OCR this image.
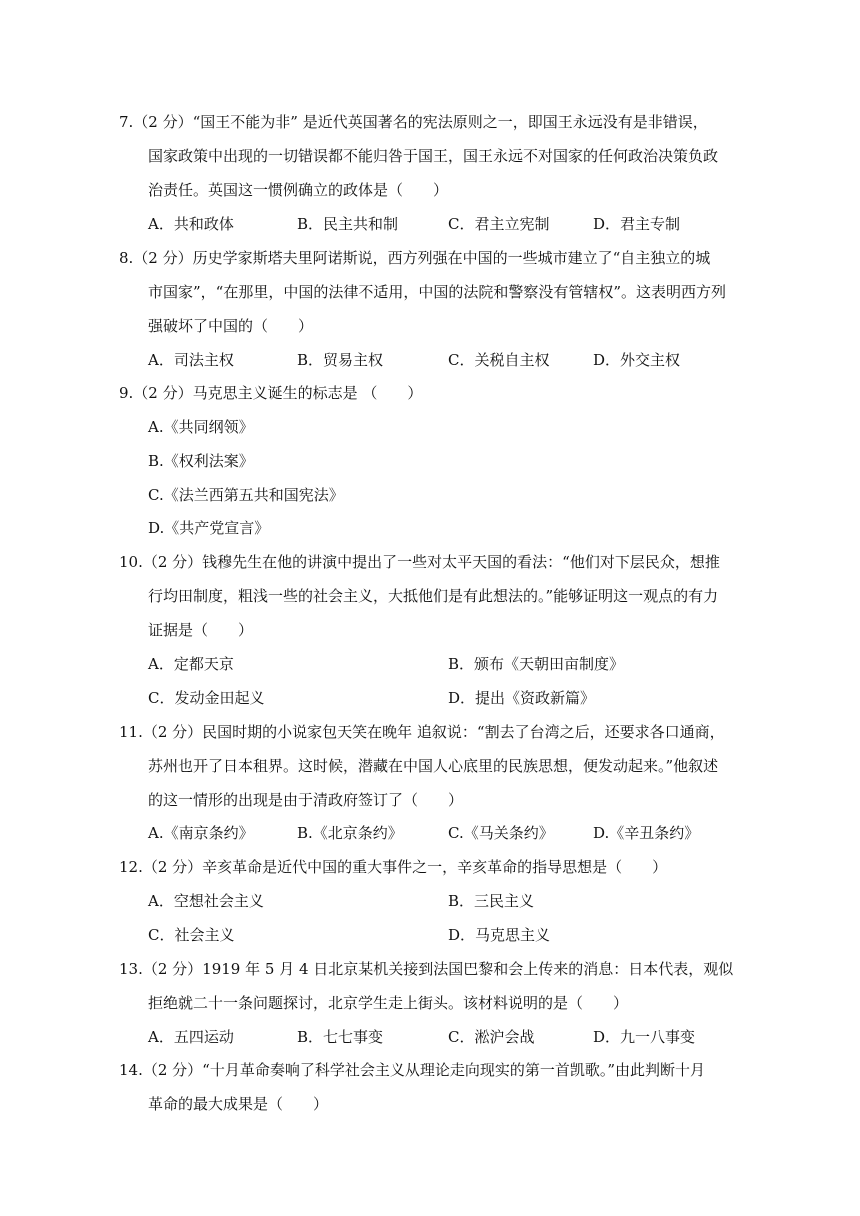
7.（2 分）“国王不能为非” 是近代英国著名的宪法原则之一，即国王永远没有是非错误，
国家政策中出现的一切错误都不能归咎于国王，国王永远不对国家的任何政治决策负政
治责任。英国这一惯例确立的政体是（　　）
A．共和政体	B．民主共和制	C．君主立宪制	D．君主专制
8.（2 分）历史学家斯塔夫里阿诺斯说，西方列强在中国的一些城市建立了“自主独立的城
市国家”，“在那里，中国的法律不适用，中国的法院和警察没有管辖权”。这表明西方列
强破坏了中国的（　　）
A．司法主权	B．贸易主权	C．关税自主权	D．外交主权
9.（2 分）马克思主义诞生的标志是 （　　）
A.《共同纲领》
B.《权利法案》
C.《法兰西第五共和国宪法》
D.《共产党宣言》
10.（2 分）钱穆先生在他的讲演中提出了一些对太平天国的看法：“他们对下层民众，想推
行均田制度，粗浅一些的社会主义，大抵他们是有此想法的。”能够证明这一观点的有力
证据是（　　）
A．定都天京	B．颁布《天朝田亩制度》
C．发动金田起义	D．提出《资政新篇》
11.（2 分）民国时期的小说家包天笑在晚年 追叙说：“割去了台湾之后，还要求各口通商，
苏州也开了日本租界。这时候，潜藏在中国人心底里的民族思想，便发动起来。”他叙述
的这一情形的出现是由于清政府签订了（　　）
A.《南京条约》	B.《北京条约》	C.《马关条约》	D.《辛丑条约》
12.（2 分）辛亥革命是近代中国的重大事件之一，辛亥革命的指导思想是（　　）
A．空想社会主义	B．三民主义
C．社会主义	D．马克思主义
13.（2 分）1919 年 5 月 4 日北京某机关接到法国巴黎和会上传来的消息：日本代表，观似
拒绝就二十一条问题探讨，北京学生走上街头。该材料说明的是（　　）
A．五四运动	B．七七事变	C．淞沪会战	D．九一八事变
14.（2 分）“十月革命奏响了科学社会主义从理论走向现实的第一首凯歌。”由此判断十月
革命的最大成果是（　　）
